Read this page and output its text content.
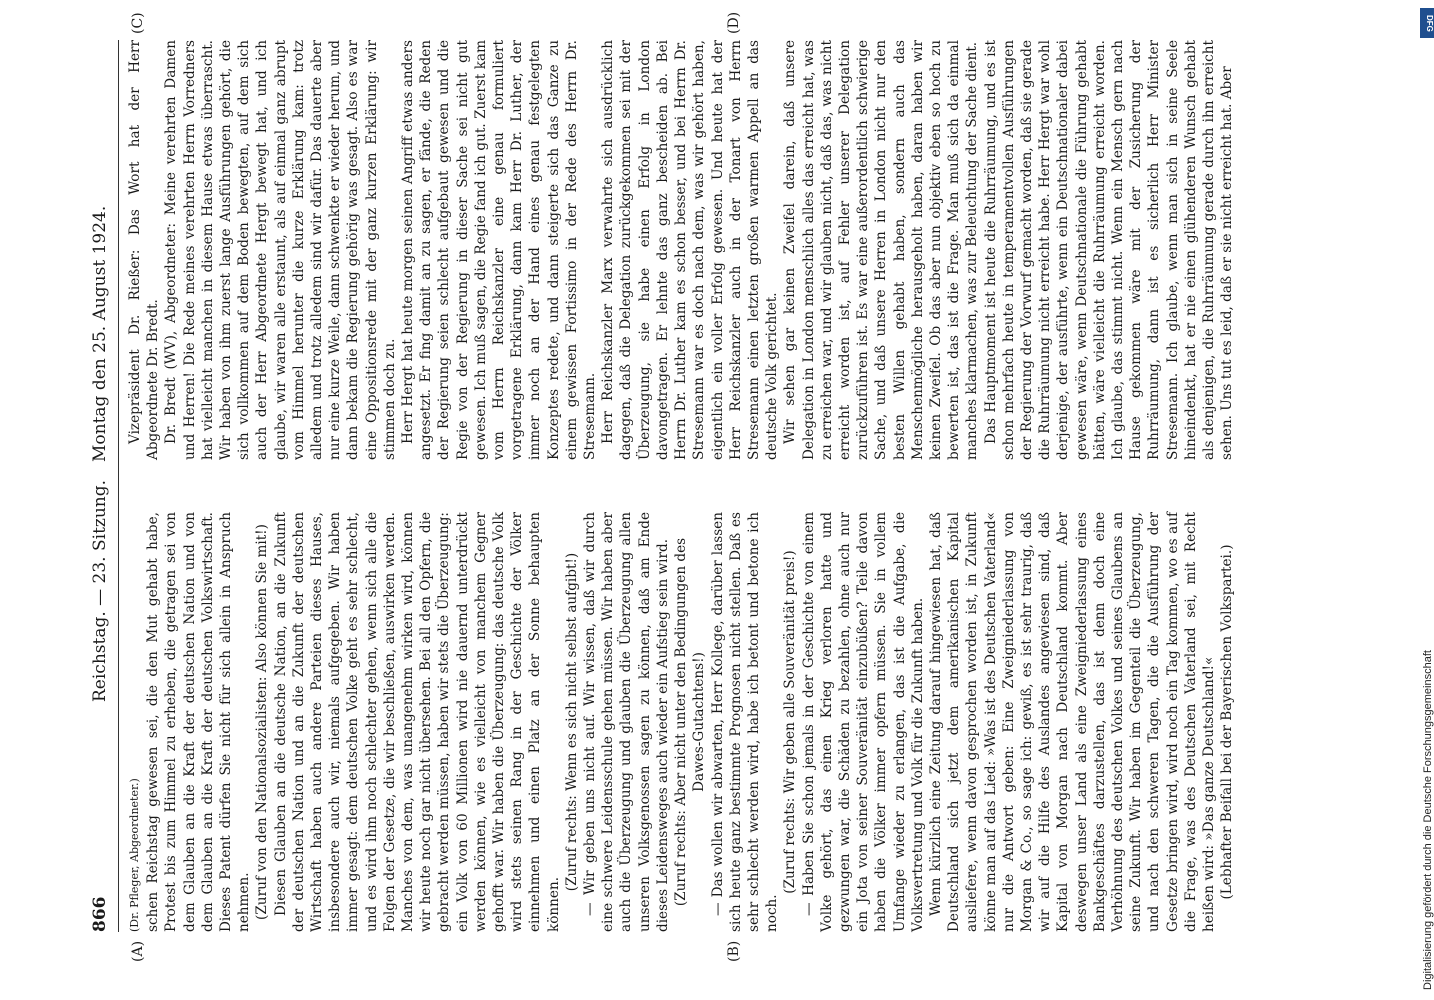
866
Reichstag. — 23. Sitzung.
Montag den 25. August 1924.
(A)	(B)
(C)	(D)

(Dr. Pfleger, Abgeordneter.) schen Reichstag gewesen sei, die den Mut gehabt habe, Protest bis zum Himmel zu erheben, die getragen sei von dem Glauben an die Kraft der deutschen Nation und von dem Glauben an die Kraft der deutschen Volkswirtschaft. Dieses Patent dürfen Sie nicht für sich allein in Anspruch nehmen. (Zuruf von den Nationalsozialisten: Also können Sie mit!) Diesen Glauben an die deutsche Nation, an die Zukunft der deutschen Nation und an die Zukunft der deutschen Wirtschaft haben auch andere Parteien dieses Hauses, insbesondere auch wir, niemals aufgegeben. Wir haben immer gesagt: dem deutschen Volke geht es sehr schlecht, und es wird ihm noch schlechter gehen, wenn sich alle die Folgen der Gesetze, die wir beschließen, auswirken werden. Manches von dem, was unangenehm wirken wird, können wir heute noch gar nicht übersehen. Bei all den Opfern, die gebracht werden müssen, haben wir stets die Überzeugung: ein Volk von 60 Millionen wird nie dauernd unterdrückt werden können, wie es vielleicht von manchem Gegner gehofft war. Wir haben die Überzeugung: das deutsche Volk wird stets seinen Rang in der Geschichte der Völker einnehmen und einen Platz an der Sonne behaupten können.

(Zuruf rechts: Wenn es sich nicht selbst aufgibt!) — Wir geben uns nicht auf. Wir wissen, daß wir durch eine schwere Leidensschule gehen müssen. Wir haben aber auch die Überzeugung und glauben die Überzeugung allen unseren Volksgenossen sagen zu können, daß am Ende dieses Leidensweges auch wieder ein Aufstieg sein wird. (Zuruf rechts: Aber nicht unter den Bedingungen des Dawes-Gutachtens!) — Das wollen wir abwarten, Herr Kollege, darüber lassen sich heute ganz bestimmte Prognosen nicht stellen. Daß es sehr schlecht werden wird, habe ich betont und betone ich noch.

(Zuruf rechts: Wir geben alle Souveränität preis!) — Haben Sie schon jemals in der Geschichte von einem Volke gehört, das einen Krieg verloren hatte und gezwungen war, die Schäden zu bezahlen, ohne auch nur ein Jota von seiner Souveränität einzubüßen? Teile davon haben die Völker immer opfern müssen. Sie in vollem Umfange wieder zu erlangen, das ist die Aufgabe, die Volksvertretung und Volk für die Zukunft haben. Wenn kürzlich eine Zeitung darauf hingewiesen hat, daß Deutschland sich jetzt dem amerikanischen Kapital ausliefere, wenn davon gesprochen worden ist, in Zukunft könne man auf das Lied: »Was ist des Deutschen Vaterland« nur die Antwort geben: Eine Zweigniederlassung von Morgan & Co., so sage ich: gewiß, es ist sehr traurig, daß wir auf die Hilfe des Auslandes angewiesen sind, daß Kapital von Morgan nach Deutschland kommt. Aber deswegen unser Land als eine Zweigniederlassung eines Bankgeschäftes darzustellen, das ist denn doch eine Verhöhnung des deutschen Volkes und seines Glaubens an seine Zukunft. Wir haben im Gegenteil die Überzeugung, und nach den schweren Tagen, die die Ausführung der Gesetze bringen wird, wird noch ein Tag kommen, wo es auf die Frage, was des Deutschen Vaterland sei, mit Recht heißen wird: »Das ganze Deutschland!« (Lebhafter Beifall bei der Bayerischen Volkspartei.)

Vizepräsident Dr. Rießer: Das Wort hat der Herr Abgeordnete Dr. Bredt. Dr. Bredt (WV), Abgeordneter: Meine verehrten Damen und Herren! Die Rede meines verehrten Herrn Vorredners hat vielleicht manchen in diesem Hause etwas überrascht. Wir haben von ihm zuerst lange Ausführungen gehört, die sich vollkommen auf dem Boden bewegten, auf dem sich auch der Herr Abgeordnete Hergt bewegt hat, und ich glaube, wir waren alle erstaunt, als auf einmal ganz abrupt vom Himmel herunter die kurze Erklärung kam: trotz alledem und trotz alledem sind wir dafür. Das dauerte aber nur eine kurze Weile, dann schwenkte er wieder herum, und dann bekam die Regierung gehörig was gesagt. Also es war eine Oppositionsrede mit der ganz kurzen Erklärung: wir stimmen doch zu. Herr Hergt hat heute morgen seinen Angriff etwas anders angesetzt. Er fing damit an zu sagen, er fände, die Reden der Regierung seien schlecht aufgebaut gewesen und die Regie von der Regierung in dieser Sache sei nicht gut gewesen. Ich muß sagen, die Regie fand ich gut. Zuerst kam vom Herrn Reichskanzler eine genau formuliert vorgetragene Erklärung, dann kam Herr Dr. Luther, der immer noch an der Hand eines genau festgelegten Konzeptes redete, und dann steigerte sich das Ganze zu einem gewissen Fortissimo in der Rede des Herrn Dr. Stresemann. Herr Reichskanzler Marx verwahrte sich ausdrücklich dagegen, daß die Delegation zurückgekommen sei mit der Überzeugung, sie habe einen Erfolg in London davongetragen. Er lehnte das ganz bescheiden ab. Bei Herrn Dr. Luther kam es schon besser, und bei Herrn Dr. Stresemann war es doch nach dem, was wir gehört haben, eigentlich ein voller Erfolg gewesen. Und heute hat der Herr Reichskanzler auch in der Tonart von Herrn Stresemann einen letzten großen warmen Appell an das deutsche Volk gerichtet. Wir sehen gar keinen Zweifel darein, daß unsere Delegation in London menschlich alles das erreicht hat, was zu erreichen war, und wir glauben nicht, daß das, was nicht erreicht worden ist, auf Fehler unserer Delegation zurückzuführen ist. Es war eine außerordentlich schwierige Sache, und daß unsere Herren in London nicht nur den besten Willen gehabt haben, sondern auch das Menschenmögliche herausgeholt haben, daran haben wir keinen Zweifel. Ob das aber nun objektiv eben so hoch zu bewerten ist, das ist die Frage. Man muß sich da einmal manches klarmachen, was zur Beleuchtung der Sache dient. Das Hauptmoment ist heute die Ruhrräumung, und es ist schon mehrfach heute in temperamentvollen Ausführungen der Regierung der Vorwurf gemacht worden, daß sie gerade die Ruhrräumung nicht erreicht habe. Herr Hergt war wohl derjenige, der ausführte, wenn ein Deutschnationaler dabei gewesen wäre, wenn Deutschnationale die Führung gehabt hätten, wäre vielleicht die Ruhrräumung erreicht worden. Ich glaube, das stimmt nicht. Wenn ein Mensch gern nach Hause gekommen wäre mit der Zusicherung der Ruhrräumung, dann ist es sicherlich Herr Minister Stresemann. Ich glaube, wenn man sich in seine Seele hineindenkt, hat er nie einen glühenderen Wunsch gehabt als denjenigen, die Ruhrräumung gerade durch ihn erreicht sehen. Uns tut es leid, daß er sie nicht erreicht hat. Aber

DFG
Digitalisierung gefördert durch die Deutsche Forschungsgemeinschaft
